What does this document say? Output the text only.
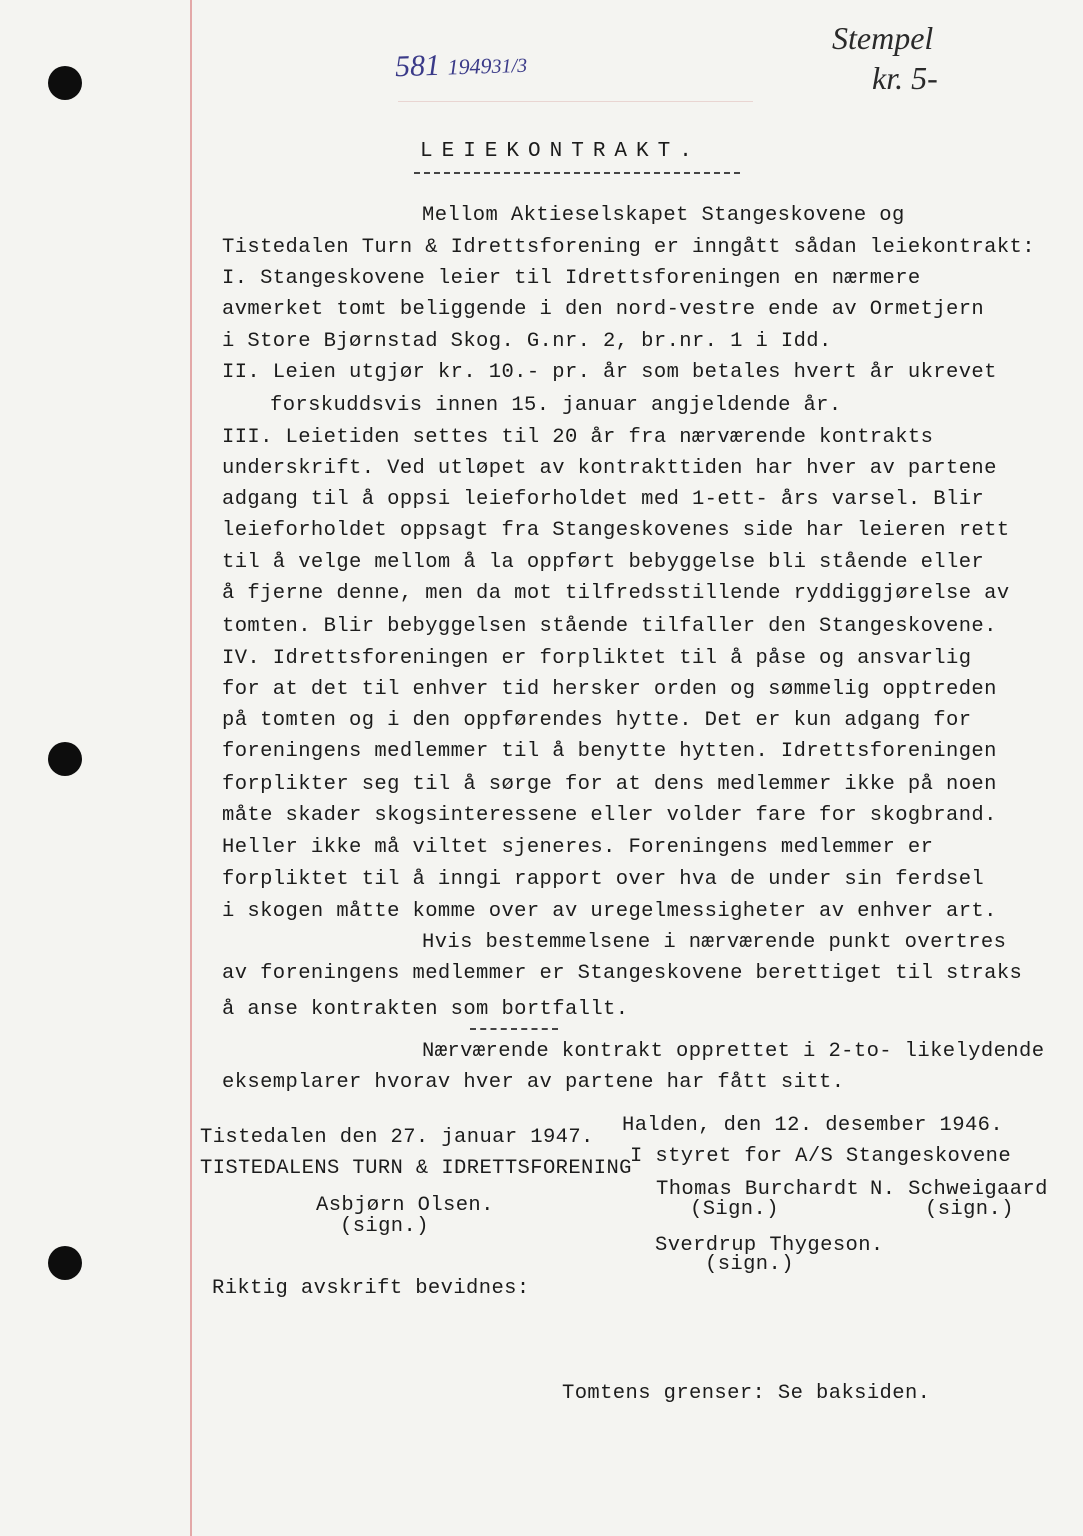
581 194931/3
Stempel
kr. 5-
LEIEKONTRAKT.
Mellom Aktieselskapet Stangeskovene og
Tistedalen Turn & Idrettsforening er inngått sådan leiekontrakt:
I. Stangeskovene leier til Idrettsforeningen en nærmere
avmerket tomt beliggende i den nord-vestre ende av Ormetjern
i Store Bjørnstad Skog. G.nr. 2, br.nr. 1 i Idd.
II. Leien utgjør kr. 10.- pr. år som betales hvert år ukrevet
forskuddsvis innen 15. januar angjeldende år.
III. Leietiden settes til 20 år fra nærværende kontrakts
underskrift. Ved utløpet av kontrakttiden har hver av partene
adgang til å oppsi leieforholdet med 1-ett- års varsel. Blir
leieforholdet oppsagt fra Stangeskovenes side har leieren rett
til å velge mellom å la oppført bebyggelse bli stående eller
å fjerne denne, men da mot tilfredsstillende ryddiggjørelse av
tomten. Blir bebyggelsen stående tilfaller den Stangeskovene.
IV. Idrettsforeningen er forpliktet til å påse og ansvarlig
for at det til enhver tid hersker orden og sømmelig opptreden
på tomten og i den oppførendes hytte. Det er kun adgang for
foreningens medlemmer til å benytte hytten. Idrettsforeningen
forplikter seg til å sørge for at dens medlemmer ikke på noen
måte skader skogsinteressene eller volder fare for skogbrand.
Heller ikke må viltet sjeneres. Foreningens medlemmer er
forpliktet til å inngi rapport over hva de under sin ferdsel
i skogen måtte komme over av uregelmessigheter av enhver art.
Hvis bestemmelsene i nærværende punkt overtres
av foreningens medlemmer er Stangeskovene berettiget til straks
å anse kontrakten som bortfallt.
Nærværende kontrakt opprettet i 2-to- likelydende
eksemplarer hvorav hver av partene har fått sitt.
Halden, den 12. desember 1946.
Tistedalen den 27. januar 1947.
TISTEDALENS TURN & IDRETTSFORENING
I styret for A/S Stangeskovene
Asbjørn Olsen.
(sign.)
Thomas Burchardt
(Sign.)
N. Schweigaard
(sign.)
Sverdrup Thygeson.
(sign.)
Riktig avskrift bevidnes:
Tomtens grenser: Se baksiden.
